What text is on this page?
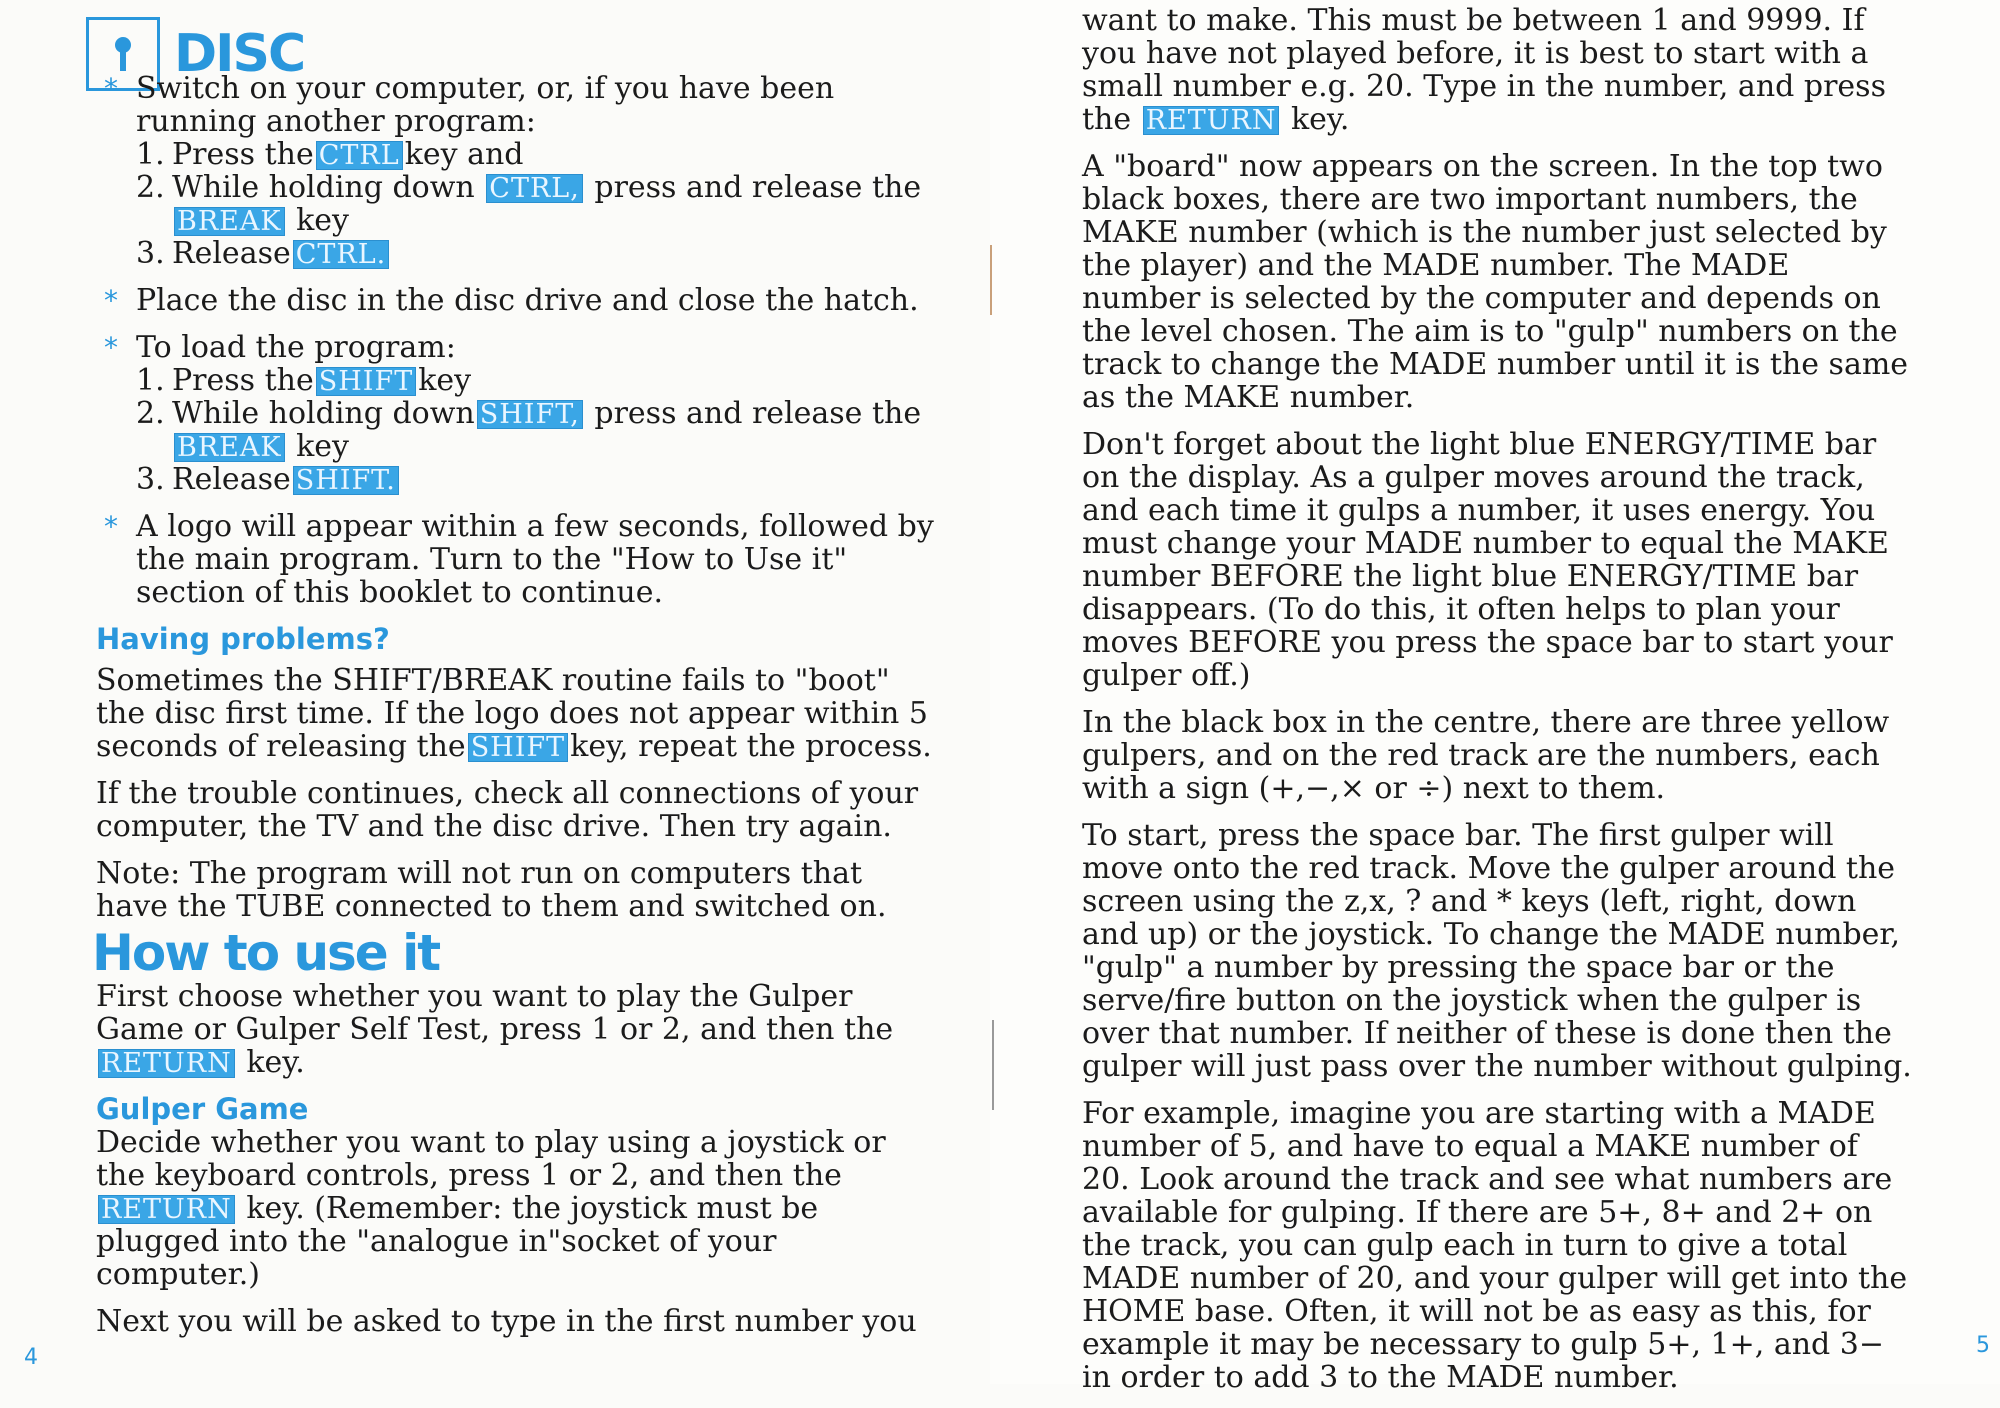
DISC
* Switch on your computer, or, if you have been running another program:
1. Press the CTRL key and
2. While holding down CTRL, press and release the
BREAK key
3. Release CTRL.
* Place the disc in the disc drive and close the hatch.
* To load the program:
1. Press the SHIFT key
2. While holding down SHIFT, press and release the
BREAK key
3. Release SHIFT.
* A logo will appear within a few seconds, followed by the main program. Turn to the "How to Use it" section of this booklet to continue.
Having problems?

Sometimes the SHIFT/BREAK routine fails to "boot" the disc first time. If the logo does not appear within 5 seconds of releasing the SHIFT key, repeat the process.

If the trouble continues, check all connections of your computer, the TV and the disc drive. Then try again.

Note: The program will not run on computers that have the TUBE connected to them and switched on.

How to use it

First choose whether you want to play the Gulper Game or Gulper Self Test, press 1 or 2, and then theRETURN key.

Gulper Game

Decide whether you want to play using a joystick or the keyboard controls, press 1 or 2, and then theRETURN key. (Remember: the joystick must be plugged into the "analogue in"socket of your computer.)

Next you will be asked to type in the first number you

4

want to make. This must be between 1 and 9999. If you have not played before, it is best to start with a small number e.g. 20. Type in the number, and press the RETURN key.

A "board" now appears on the screen. In the top two black boxes, there are two important numbers, the MAKE number (which is the number just selected by the player) and the MADE number. The MADE number is selected by the computer and depends on the level chosen. The aim is to "gulp" numbers on the track to change the MADE number until it is the same as the MAKE number.

Don't forget about the light blue ENERGY/TIME bar on the display. As a gulper moves around the track, and each time it gulps a number, it uses energy. You must change your MADE number to equal the MAKE number BEFORE the light blue ENERGY/TIME bar disappears. (To do this, it often helps to plan your moves BEFORE you press the space bar to start your gulper off.)

In the black box in the centre, there are three yellow gulpers, and on the red track are the numbers, each with a sign (+,−,× or ÷) next to them.

To start, press the space bar. The first gulper will move onto the red track. Move the gulper around the screen using the z,x, ? and * keys (left, right, down and up) or the joystick. To change the MADE number, "gulp" a number by pressing the space bar or the serve/fire button on the joystick when the gulper is over that number. If neither of these is done then the gulper will just pass over the number without gulping.

For example, imagine you are starting with a MADE number of 5, and have to equal a MAKE number of 20. Look around the track and see what numbers are available for gulping. If there are 5+, 8+ and 2+ on the track, you can gulp each in turn to give a total MADE number of 20, and your gulper will get into the HOME base. Often, it will not be as easy as this, for example it may be necessary to gulp 5+, 1+, and 3− in order to add 3 to the MADE number.

5
